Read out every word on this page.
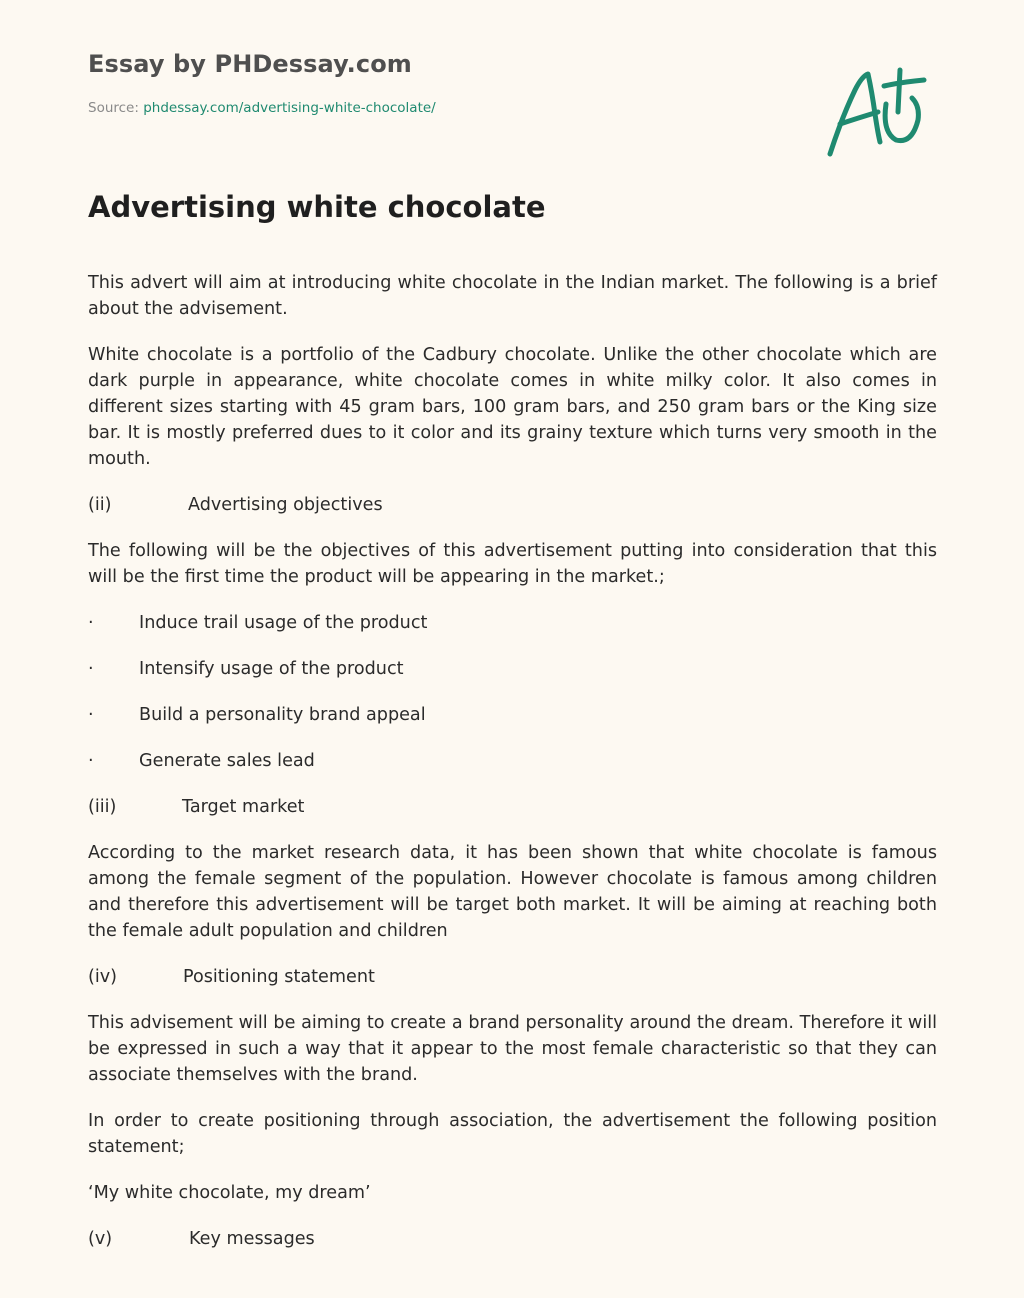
Essay by PHDessay.com
Source: phdessay.com/advertising-white-chocolate/
Advertising white chocolate

This advert will aim at introducing white chocolate in the Indian market. The following is a brief about the advisement.

White chocolate is a portfolio of the Cadbury chocolate. Unlike the other chocolate which are dark purple in appearance, white chocolate comes in white milky color. It also comes in different sizes starting with 45 gram bars, 100 gram bars, and 250 gram bars or the King size bar. It is mostly preferred dues to it color and its grainy texture which turns very smooth in the mouth.

(ii)	Advertising objectives

The following will be the objectives of this advertisement putting into consideration that this will be the first time the product will be appearing in the market.;

·	Induce trail usage of the product
·	Intensify usage of the product
·	Build a personality brand appeal
·	Generate sales lead
(iii)	Target market

According to the market research data, it has been shown that white chocolate is famous among the female segment of the population. However chocolate is famous among children and therefore this advertisement will be target both market. It will be aiming at reaching both the female adult population and children

(iv)	Positioning statement

This advisement will be aiming to create a brand personality around the dream. Therefore it will be expressed in such a way that it appear to the most female characteristic so that they can associate themselves with the brand.

In order to create positioning through association, the advertisement the following position statement;

‘My white chocolate, my dream’

(v)	Key messages
